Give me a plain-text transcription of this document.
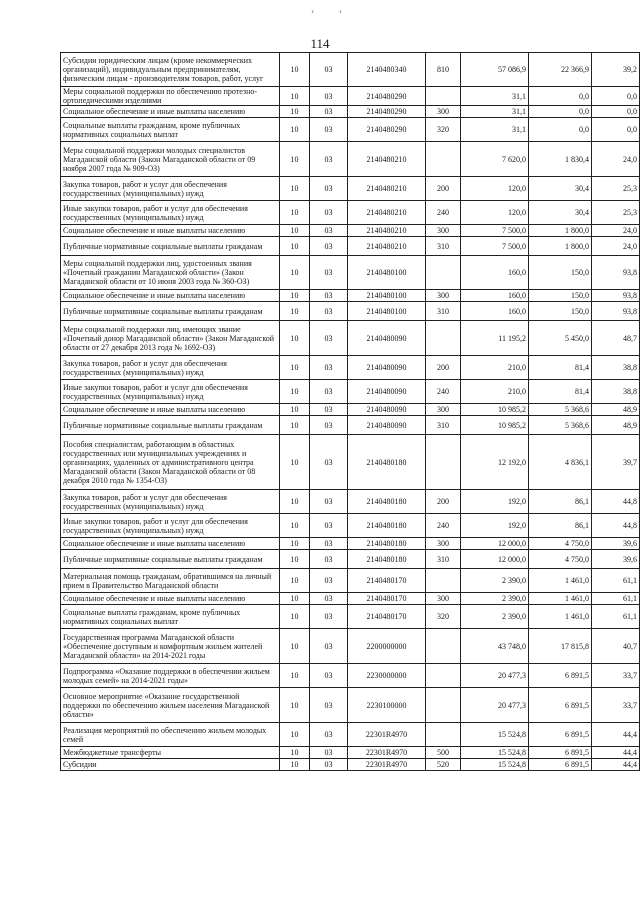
›	‹
114
Субсидии юридическим лицам (кроме некоммерческих организаций), индивидуальным предпринимателям, физическим лицам - производителям товаров, работ, услуг	10	03	2140480340	810	57 086,9	22 366,9	39,2
Меры социальной поддержки по обеспечению протезно-ортопедическими изделиями	10	03	2140480290		31,1	0,0	0,0
Социальное обеспечение и иные выплаты населению	10	03	2140480290	300	31,1	0,0	0,0
Социальные выплаты гражданам, кроме публичных нормативных социальных выплат	10	03	2140480290	320	31,1	0,0	0,0
Меры социальной поддержки молодых специалистов Магаданской области (Закон Магаданской области от 09 ноября 2007 года № 909-ОЗ)	10	03	2140480210		7 620,0	1 830,4	24,0
Закупка товаров, работ и услуг для обеспечения государственных (муниципальных) нужд	10	03	2140480210	200	120,0	30,4	25,3
Иные закупки товаров, работ и услуг для обеспечения государственных (муниципальных) нужд	10	03	2140480210	240	120,0	30,4	25,3
Социальное обеспечение и иные выплаты населению	10	03	2140480210	300	7 500,0	1 800,0	24,0
Публичные нормативные социальные выплаты гражданам	10	03	2140480210	310	7 500,0	1 800,0	24,0
Меры социальной поддержки лиц, удостоенных звания «Почетный гражданин Магаданской области» (Закон Магаданской области от 10 июня 2003 года № 360-ОЗ)	10	03	2140480100		160,0	150,0	93,8
Социальное обеспечение и иные выплаты населению	10	03	2140480100	300	160,0	150,0	93,8
Публичные нормативные социальные выплаты гражданам	10	03	2140480100	310	160,0	150,0	93,8
Меры социальной поддержки лиц, имеющих звание «Почетный донор Магаданской области» (Закон Магаданской области от 27 декабря 2013 года № 1692-ОЗ)	10	03	2140480090		11 195,2	5 450,0	48,7
Закупка товаров, работ и услуг для обеспечения государственных (муниципальных) нужд	10	03	2140480090	200	210,0	81,4	38,8
Иные закупки товаров, работ и услуг для обеспечения государственных (муниципальных) нужд	10	03	2140480090	240	210,0	81,4	38,8
Социальное обеспечение и иные выплаты населению	10	03	2140480090	300	10 985,2	5 368,6	48,9
Публичные нормативные социальные выплаты гражданам	10	03	2140480090	310	10 985,2	5 368,6	48,9
Пособия специалистам, работающим в областных государственных или муниципальных учреждениях и организациях, удаленных от административного центра Магаданской области (Закон Магаданской области от 08 декабря 2010 года № 1354-ОЗ)	10	03	2140480180		12 192,0	4 836,1	39,7
Закупка товаров, работ и услуг для обеспечения государственных (муниципальных) нужд	10	03	2140480180	200	192,0	86,1	44,8
Иные закупки товаров, работ и услуг для обеспечения государственных (муниципальных) нужд	10	03	2140480180	240	192,0	86,1	44,8
Социальное обеспечение и иные выплаты населению	10	03	2140480180	300	12 000,0	4 750,0	39,6
Публичные нормативные социальные выплаты гражданам	10	03	2140480180	310	12 000,0	4 750,0	39,6
Материальная помощь гражданам, обратившимся на личный прием в Правительство Магаданской области	10	03	2140480170		2 390,0	1 461,0	61,1
Социальное обеспечение и иные выплаты населению	10	03	2140480170	300	2 390,0	1 461,0	61,1
Социальные выплаты гражданам, кроме публичных нормативных социальных выплат	10	03	2140480170	320	2 390,0	1 461,0	61,1
Государственная программа Магаданской области «Обеспечение доступным и комфортным жильем жителей Магаданской области» на 2014-2021 годы	10	03	2200000000		43 748,0	17 815,8	40,7
Подпрограмма «Оказание поддержки в обеспечении жильем молодых семей» на 2014-2021 годы»	10	03	2230000000		20 477,3	6 891,5	33,7
Основное мероприятие «Оказание государственной поддержки по обеспечению жильем населения Магаданской области»	10	03	2230100000		20 477,3	6 891,5	33,7
Реализация мероприятий по обеспечению жильем молодых семей	10	03	22301R4970		15 524,8	6 891,5	44,4
Межбюджетные трансферты	10	03	22301R4970	500	15 524,8	6 891,5	44,4
Субсидии	10	03	22301R4970	520	15 524,8	6 891,5	44,4
